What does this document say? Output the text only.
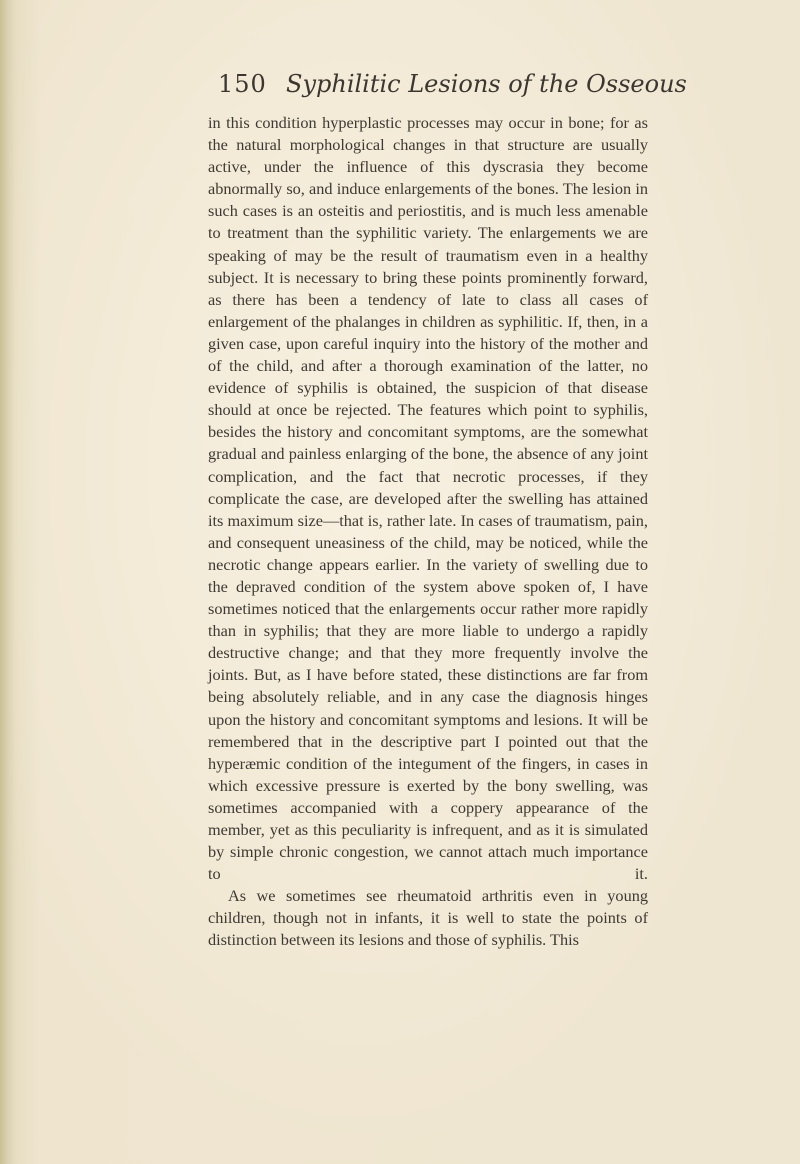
150 Syphilitic Lesions of the Osseous

in this condition hyperplastic processes may occur in bone; for as the natural morphological changes in that structure are usually active, under the influence of this dyscrasia they become abnormally so, and induce enlargements of the bones. The lesion in such cases is an osteitis and periostitis, and is much less amenable to treatment than the syphilitic variety. The enlargements we are speaking of may be the result of traumatism even in a healthy subject. It is necessary to bring these points prominently forward, as there has been a tendency of late to class all cases of enlargement of the phalanges in children as syphilitic. If, then, in a given case, upon careful inquiry into the history of the mother and of the child, and after a thorough examination of the latter, no evidence of syphilis is obtained, the suspicion of that disease should at once be rejected. The features which point to syphilis, besides the history and concomitant symptoms, are the somewhat gradual and painless enlarging of the bone, the absence of any joint complication, and the fact that necrotic processes, if they complicate the case, are developed after the swelling has attained its maximum size—that is, rather late. In cases of traumatism, pain, and consequent uneasiness of the child, may be noticed, while the necrotic change appears earlier. In the variety of swelling due to the depraved condition of the system above spoken of, I have sometimes noticed that the enlargements occur rather more rapidly than in syphilis; that they are more liable to undergo a rapidly destructive change; and that they more frequently involve the joints. But, as I have before stated, these distinctions are far from being absolutely reliable, and in any case the diagnosis hinges upon the history and concomitant symptoms and lesions. It will be remembered that in the descriptive part I pointed out that the hyperæmic condition of the integument of the fingers, in cases in which excessive pressure is exerted by the bony swelling, was sometimes accompanied with a coppery appearance of the member, yet as this peculiarity is infrequent, and as it is simulated by simple chronic congestion, we cannot attach much importance to it.

As we sometimes see rheumatoid arthritis even in young children, though not in infants, it is well to state the points of distinction between its lesions and those of syphilis. This
